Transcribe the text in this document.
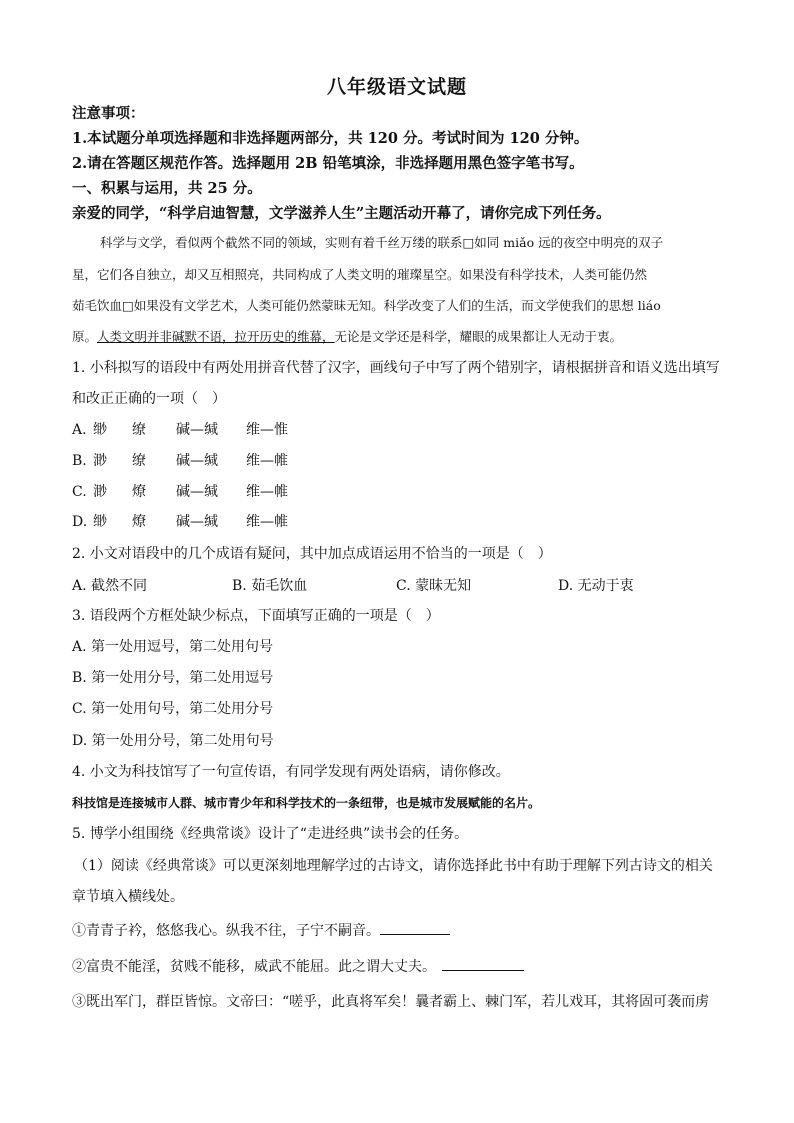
八年级语文试题
注意事项：
1.本试题分单项选择题和非选择题两部分，共 120 分。考试时间为 120 分钟。
2.请在答题区规范作答。选择题用 2B 铅笔填涂，非选择题用黑色签字笔书写。
一、积累与运用，共 25 分。
亲爱的同学，“科学启迪智慧，文学滋养人生”主题活动开幕了，请你完成下列任务。
科学与文学，看似两个截然不同的领域，实则有着千丝万缕的联系□如同 miǎo 远的夜空中明亮的双子
星，它们各自独立，却又互相照亮，共同构成了人类文明的璀璨星空。如果没有科学技术，人类可能仍然
茹毛饮血□如果没有文学艺术，人类可能仍然蒙昧无知。科学改变了人们的生活，而文学使我们的思想 liáo
原。人类文明并非碱默不语，拉开历史的维幕，无论是文学还是科学，耀眼的成果都让人无动于衷。
1. 小科拟写的语段中有两处用拼音代替了汉字，画线句子中写了两个错别字，请根据拼音和语义选出填写
和改正正确的一项（　）
A. 缈 缭 碱—缄 维—惟
B. 渺 缭 碱—缄 维—帷
C. 渺 燎 碱—缄 维—帷
D. 缈 燎 碱—缄 维—帷
2. 小文对语段中的几个成语有疑问，其中加点成语运用不恰当的一项是（　）
A. 截然不同	B. 茹毛饮血	C. 蒙昧无知	D. 无动于衷
3. 语段两个方框处缺少标点，下面填写正确的一项是（　）
A. 第一处用逗号，第二处用句号
B. 第一处用分号，第二处用逗号
C. 第一处用句号，第二处用分号
D. 第一处用分号，第二处用句号
4. 小文为科技馆写了一句宣传语，有同学发现有两处语病，请你修改。
科技馆是连接城市人群、城市青少年和科学技术的一条纽带，也是城市发展赋能的名片。
5. 博学小组围绕《经典常谈》设计了“走进经典”读书会的任务。
（1）阅读《经典常谈》可以更深刻地理解学过的古诗文，请你选择此书中有助于理解下列古诗文的相关
章节填入横线处。
①青青子衿，悠悠我心。纵我不往，子宁不嗣音。
②富贵不能淫，贫贱不能移，威武不能屈。此之谓大丈夫。
③既出军门，群臣皆惊。文帝曰：“嗟乎，此真将军矣！曩者霸上、棘门军，若儿戏耳，其将固可袭而虏
